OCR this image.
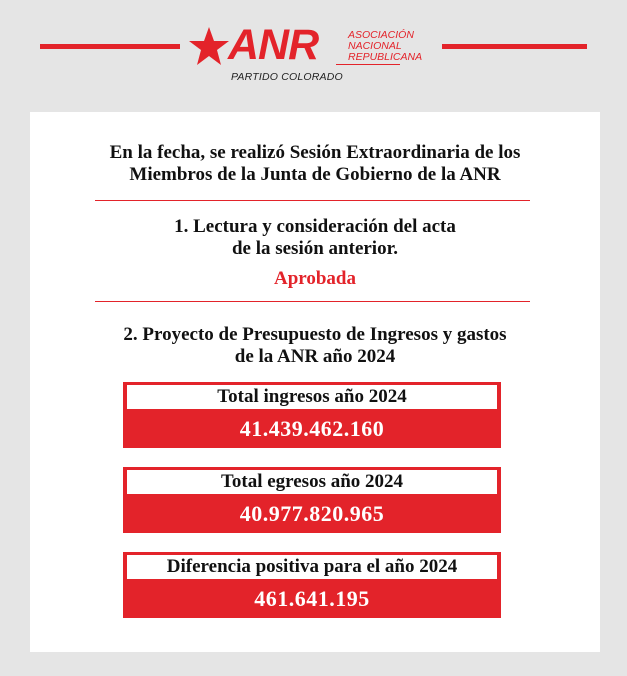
ANR	ASOCIACIÓN
NACIONAL
REPUBLICANA
PARTIDO COLORADO
En la fecha, se realizó Sesión Extraordinaria de los
Miembros de la Junta de Gobierno de la ANR
1. Lectura y consideración del acta
de la sesión anterior.
Aprobada
2. Proyecto de Presupuesto de Ingresos y gastos
de la ANR año 2024
Total ingresos año 2024
41.439.462.160
Total egresos año 2024
40.977.820.965
Diferencia positiva para el año 2024
461.641.195
